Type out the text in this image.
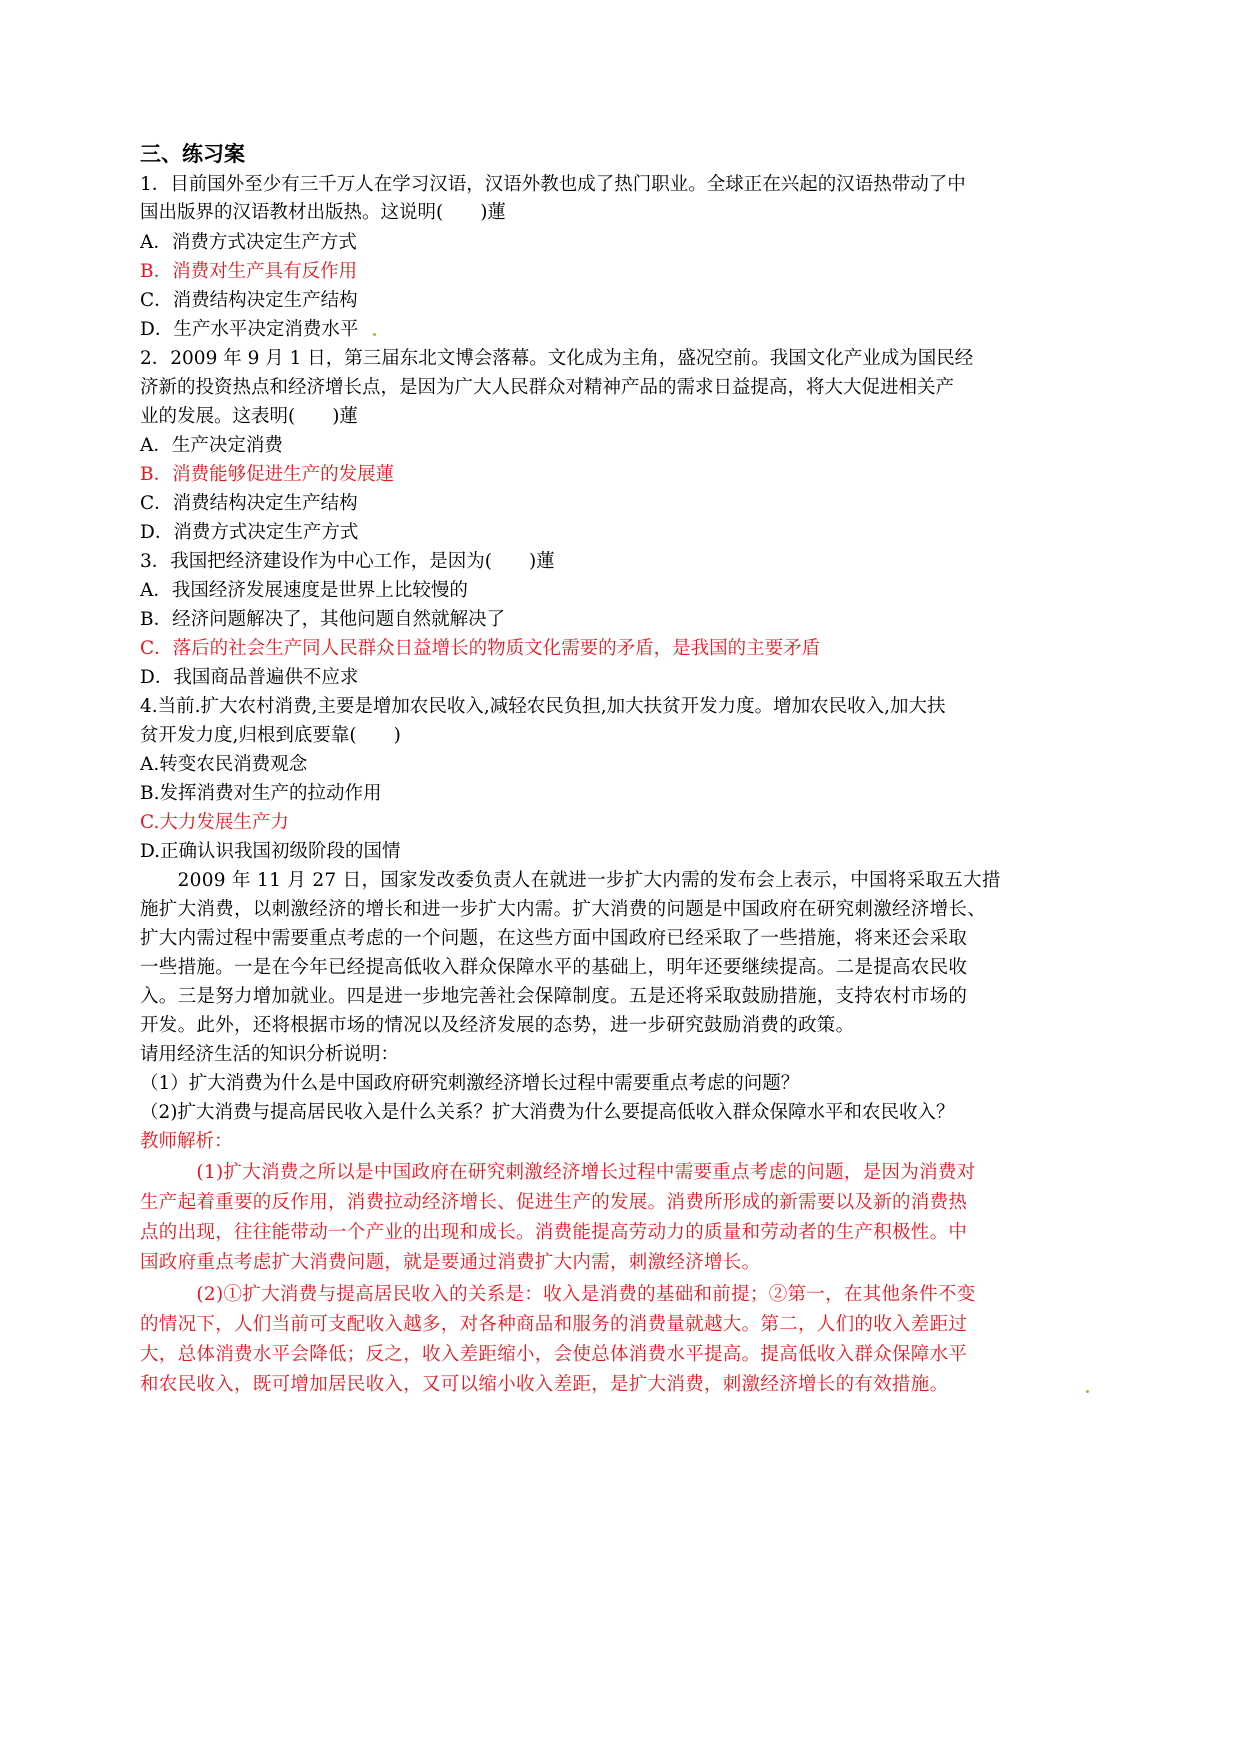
三、练习案
1．目前国外至少有三千万人在学习汉语，汉语外教也成了热门职业。全球正在兴起的汉语热带动了中
国出版界的汉语教材出版热。这说明(　　)蓮
A．消费方式决定生产方式
B．消费对生产具有反作用
C．消费结构决定生产结构
D．生产水平决定消费水平
2．2009 年 9 月 1 日，第三届东北文博会落幕。文化成为主角，盛况空前。我国文化产业成为国民经
济新的投资热点和经济增长点，是因为广大人民群众对精神产品的需求日益提高，将大大促进相关产
业的发展。这表明(　　)蓮
A．生产决定消费
B．消费能够促进生产的发展蓮
C．消费结构决定生产结构
D．消费方式决定生产方式
3．我国把经济建设作为中心工作，是因为(　　)蓮
A．我国经济发展速度是世界上比较慢的
B．经济问题解决了，其他问题自然就解决了
C．落后的社会生产同人民群众日益增长的物质文化需要的矛盾，是我国的主要矛盾
D．我国商品普遍供不应求
4.当前.扩大农村消费,主要是增加农民收入,减轻农民负担,加大扶贫开发力度。增加农民收入,加大扶
贫开发力度,归根到底要靠(　　)
A.转变农民消费观念
B.发挥消费对生产的拉动作用
C.大力发展生产力
D.正确认识我国初级阶段的国情
　　2009 年 11 月 27 日，国家发改委负责人在就进一步扩大内需的发布会上表示，中国将采取五大措
施扩大消费，以刺激经济的增长和进一步扩大内需。扩大消费的问题是中国政府在研究刺激经济增长、
扩大内需过程中需要重点考虑的一个问题，在这些方面中国政府已经采取了一些措施，将来还会采取
一些措施。一是在今年已经提高低收入群众保障水平的基础上，明年还要继续提高。二是提高农民收
入。三是努力增加就业。四是进一步地完善社会保障制度。五是还将采取鼓励措施，支持农村市场的
开发。此外，还将根据市场的情况以及经济发展的态势，进一步研究鼓励消费的政策。
请用经济生活的知识分析说明：
（1）扩大消费为什么是中国政府研究刺激经济增长过程中需要重点考虑的问题？
（2)扩大消费与提高居民收入是什么关系？扩大消费为什么要提高低收入群众保障水平和农民收入？
教师解析：
　　　(1)扩大消费之所以是中国政府在研究刺激经济增长过程中需要重点考虑的问题，是因为消费对
生产起着重要的反作用，消费拉动经济增长、促进生产的发展。消费所形成的新需要以及新的消费热
点的出现，往往能带动一个产业的出现和成长。消费能提高劳动力的质量和劳动者的生产积极性。中
国政府重点考虑扩大消费问题，就是要通过消费扩大内需，刺激经济增长。
　　　(2)①扩大消费与提高居民收入的关系是：收入是消费的基础和前提；②第一，在其他条件不变
的情况下，人们当前可支配收入越多，对各种商品和服务的消费量就越大。第二，人们的收入差距过
大，总体消费水平会降低；反之，收入差距缩小，会使总体消费水平提高。提高低收入群众保障水平
和农民收入，既可增加居民收入，又可以缩小收入差距，是扩大消费，刺激经济增长的有效措施。
